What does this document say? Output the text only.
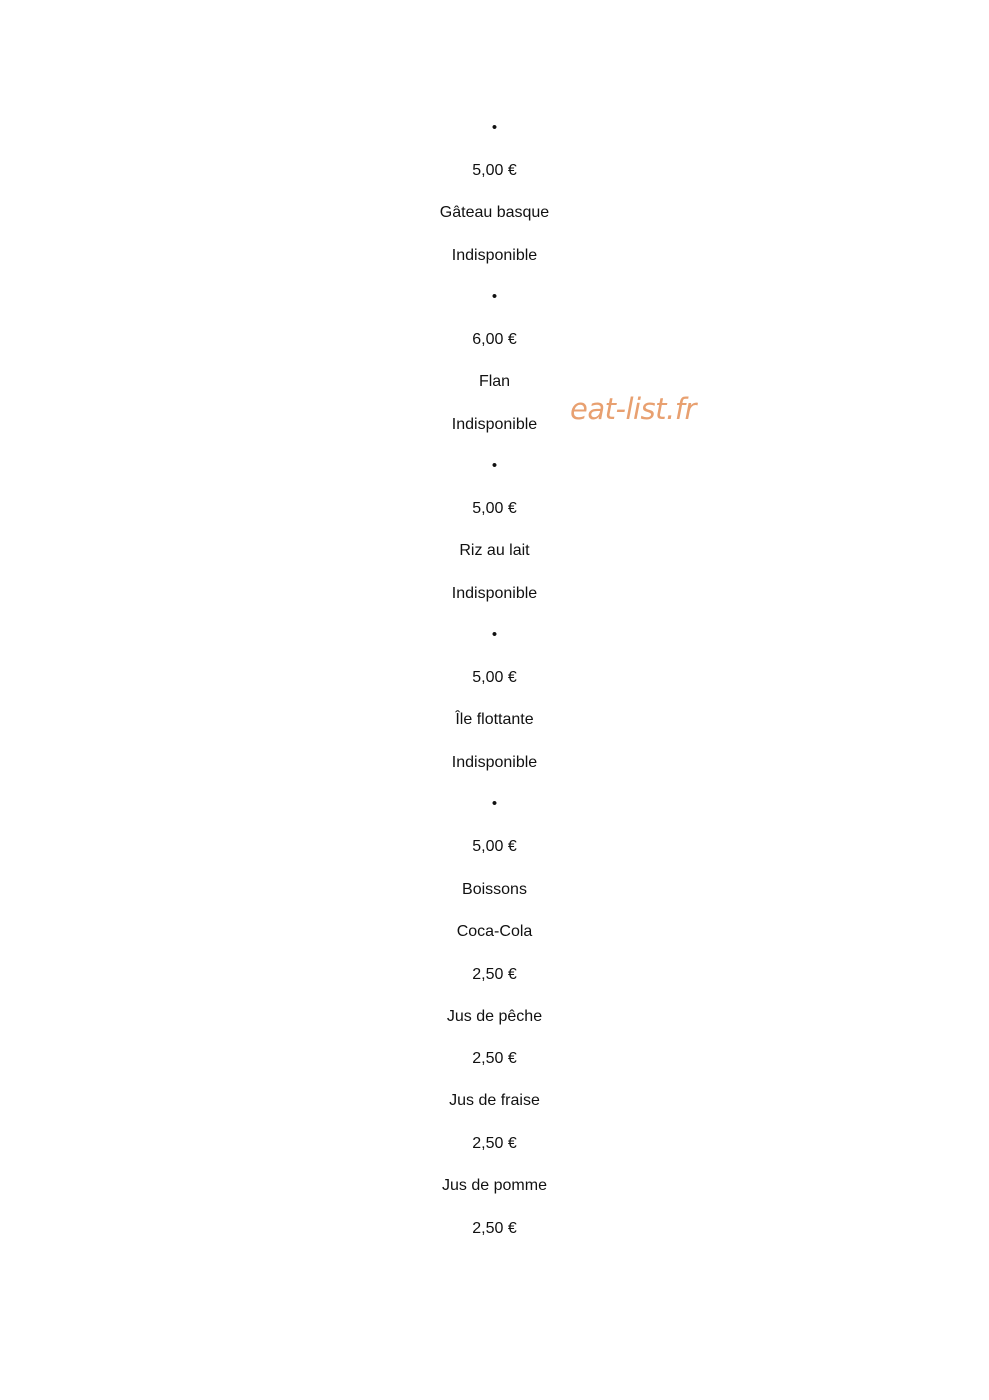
•
5,00 €
Gâteau basque
Indisponible
•
6,00 €
Flan
Indisponible
•
5,00 €
Riz au lait
Indisponible
•
5,00 €
Île flottante
Indisponible
•
5,00 €
Boissons
Coca-Cola
2,50 €
Jus de pêche
2,50 €
Jus de fraise
2,50 €
Jus de pomme
2,50 €
eat-list.fr
